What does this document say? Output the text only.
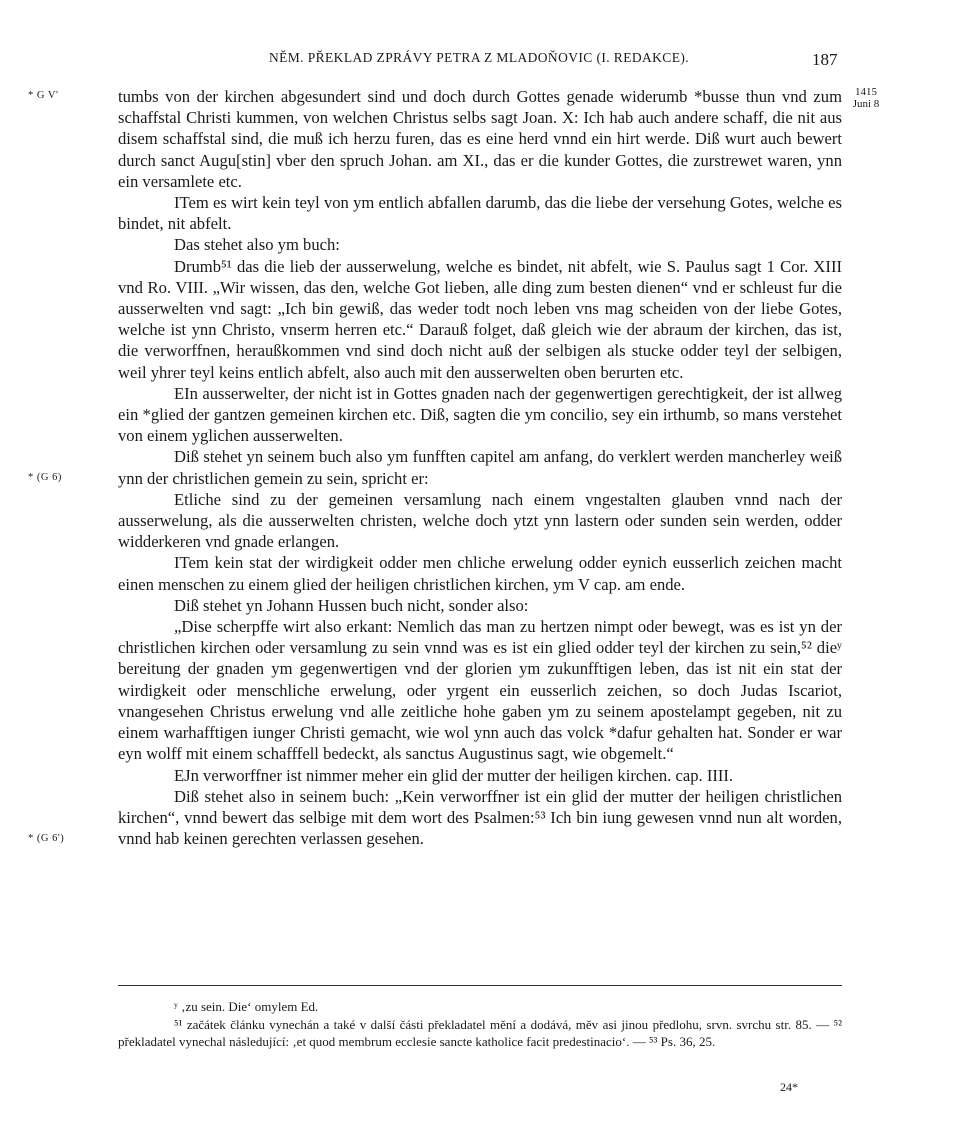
NĚM. PŘEKLAD ZPRÁVY PETRA Z MLADOŇOVIC (I. REDAKCE).	187
1415
Juni 8
* G V'
* (G 6)
* (G 6')

tumbs von der kirchen abgesundert sind und doch durch Gottes genade widerumb *busse thun vnd zum schaffstal Christi kummen, von welchen Christus selbs sagt Joan. X: Ich hab auch andere schaff, die nit aus disem schaffstal sind, die muß ich herzu furen, das es eine herd vnnd ein hirt werde. Diß wurt auch bewert durch sanct Augu[stin] vber den spruch Johan. am XI., das er die kunder Gottes, die zurstrewet waren, ynn ein versamlete etc.

ITem es wirt kein teyl von ym entlich abfallen darumb, das die liebe der versehung Gotes, welche es bindet, nit abfelt.

Das stehet also ym buch:

Drumb⁵¹ das die lieb der ausserwelung, welche es bindet, nit abfelt, wie S. Paulus sagt 1 Cor. XIII vnd Ro. VIII. „Wir wissen, das den, welche Got lieben, alle ding zum besten dienen“ vnd er schleust fur die ausserwelten vnd sagt: „Ich bin gewiß, das weder todt noch leben vns mag scheiden von der liebe Gotes, welche ist ynn Christo, vnserm herren etc.“ Darauß folget, daß gleich wie der abraum der kirchen, das ist, die verworffnen, heraußkommen vnd sind doch nicht auß der selbigen als stucke odder teyl der selbigen, weil yhrer teyl keins entlich abfelt, also auch mit den ausserwelten oben berurten etc.

EIn ausserwelter, der nicht ist in Gottes gnaden nach der gegenwertigen gerechtigkeit, der ist allweg ein *glied der gantzen gemeinen kirchen etc. Diß, sagten die ym concilio, sey ein irthumb, so mans verstehet von einem yglichen ausserwelten.

Diß stehet yn seinem buch also ym funfften capitel am anfang, do verklert werden mancherley weiß ynn der christlichen gemein zu sein, spricht er:

Etliche sind zu der gemeinen versamlung nach einem vngestalten glauben vnnd nach der ausserwelung, als die ausserwelten christen, welche doch ytzt ynn lastern oder sunden sein werden, odder widderkeren vnd gnade erlangen.

ITem kein stat der wirdigkeit odder men chliche erwelung odder eynich eusserlich zeichen macht einen menschen zu einem glied der heiligen christlichen kirchen, ym V cap. am ende.

Diß stehet yn Johann Hussen buch nicht, sonder also:

„Dise scherpffe wirt also erkant: Nemlich das man zu hertzen nimpt oder bewegt, was es ist yn der christlichen kirchen oder versamlung zu sein vnnd was es ist ein glied odder teyl der kirchen zu sein,⁵² dieʸ bereitung der gnaden ym gegenwertigen vnd der glorien ym zukunfftigen leben, das ist nit ein stat der wirdigkeit oder menschliche erwelung, oder yrgent ein eusserlich zeichen, so doch Judas Iscariot, vnangesehen Christus erwelung vnd alle zeitliche hohe gaben ym zu seinem apostelampt gegeben, nit zu einem warhafftigen iunger Christi gemacht, wie wol ynn auch das volck *dafur gehalten hat. Sonder er war eyn wolff mit einem schafffell bedeckt, als sanctus Augustinus sagt, wie obgemelt.“

EJn verworffner ist nimmer meher ein glid der mutter der heiligen kirchen. cap. IIII.

Diß stehet also in seinem buch: „Kein verworffner ist ein glid der mutter der heiligen christlichen kirchen“, vnnd bewert das selbige mit dem wort des Psalmen:⁵³ Ich bin iung gewesen vnnd nun alt worden, vnnd hab keinen gerechten verlassen gesehen.

ʸ ‚zu sein. Die‘ omylem Ed.

⁵¹ začátek článku vynechán a také v další části překladatel mění a dodává, měv asi jinou předlohu, srvn. svrchu str. 85. — ⁵² překladatel vynechal následující: ‚et quod membrum ecclesie sancte katholice facit predestinacio‘. — ⁵³ Ps. 36, 25.

24*
